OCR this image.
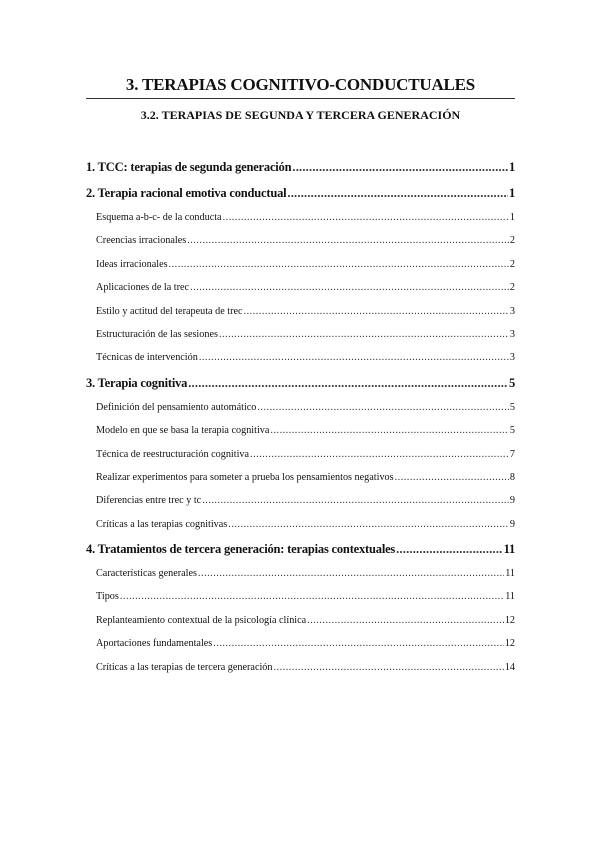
3. TERAPIAS COGNITIVO-CONDUCTUALES
3.2. TERAPIAS DE SEGUNDA Y TERCERA GENERACIÓN
1. TCC: terapias de segunda generación .....	1
2. Terapia racional emotiva conductual .....	1
Esquema a-b-c- de la conducta .....	1
Creencias irracionales .....	2
Ideas irracionales .....	2
Aplicaciones de la trec .....	2
Estilo y actitud del terapeuta de trec .....	3
Estructuración de las sesiones .....	3
Técnicas de intervención .....	3
3. Terapia cognitiva .....	5
Definición del pensamiento automático .....	5
Modelo en que se basa la terapia cognitiva .....	5
Técnica de reestructuración cognitiva .....	7
Realizar experimentos para someter a prueba los pensamientos negativos .....	8
Diferencias entre trec y tc .....	9
Críticas a las terapias cognitivas .....	9
4. Tratamientos de tercera generación: terapias contextuales .....	11
Características generales .....	11
Tipos .....	11
Replanteamiento contextual de la psicología clínica .....	12
Aportaciones fundamentales .....	12
Críticas a las terapias de tercera generación .....	14
